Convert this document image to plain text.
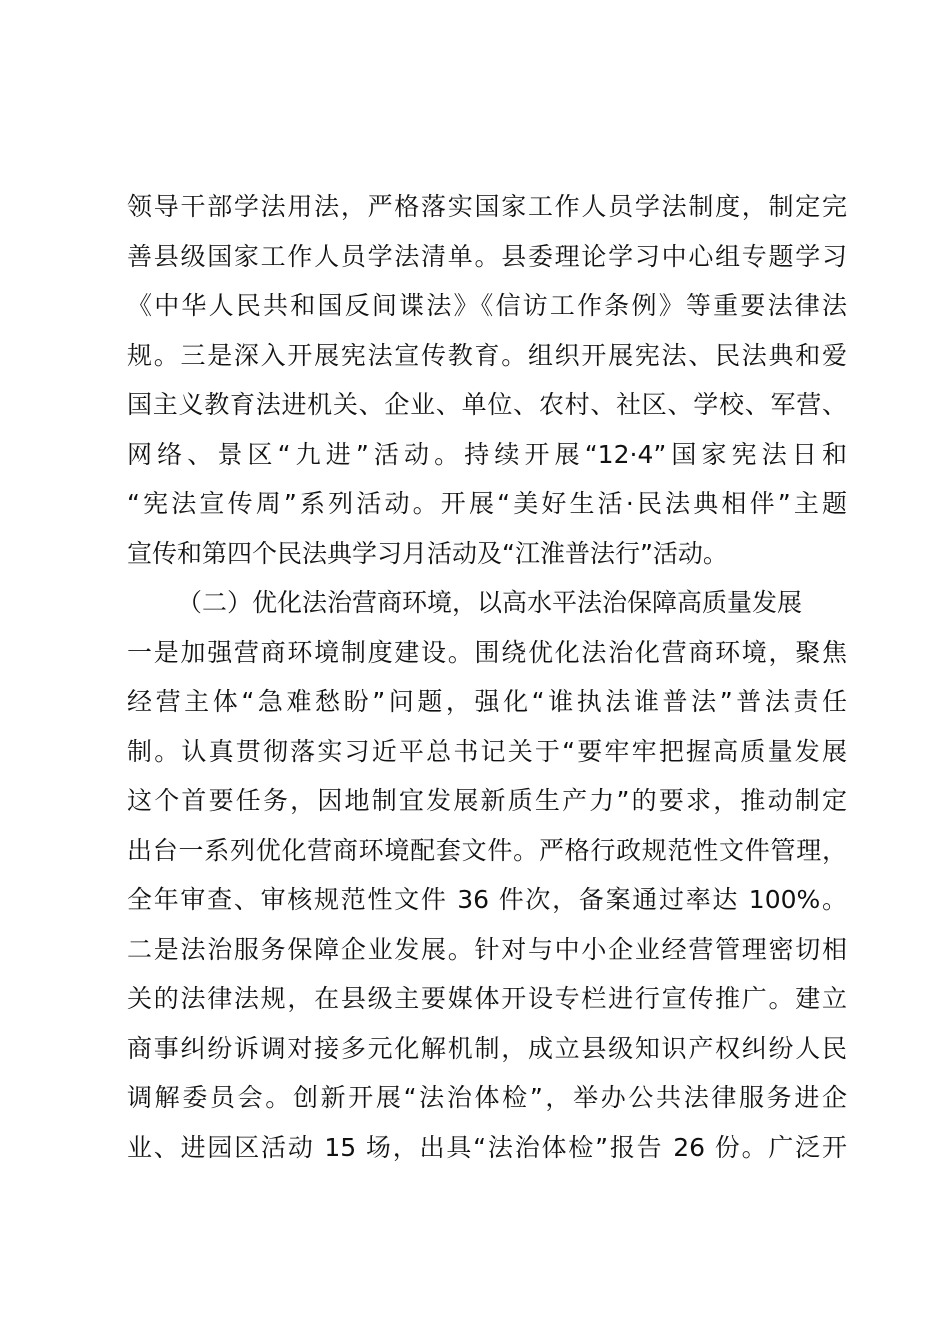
领导干部学法用法，严格落实国家工作人员学法制度，制定完
善县级国家工作人员学法清单。县委理论学习中心组专题学习
《中华人民共和国反间谍法》《信访工作条例》等重要法律法
规。三是深入开展宪法宣传教育。组织开展宪法、民法典和爱
国主义教育法进机关、企业、单位、农村、社区、学校、军营、
网络、景区“九进”活动。持续开展“12·4”国家宪法日和
“宪法宣传周”系列活动。开展“美好生活·民法典相伴”主题
宣传和第四个民法典学习月活动及“江淮普法行”活动。
（二）优化法治营商环境，以高水平法治保障高质量发展
一是加强营商环境制度建设。围绕优化法治化营商环境，聚焦
经营主体“急难愁盼”问题，强化“谁执法谁普法”普法责任
制。认真贯彻落实习近平总书记关于“要牢牢把握高质量发展
这个首要任务，因地制宜发展新质生产力”的要求，推动制定
出台一系列优化营商环境配套文件。严格行政规范性文件管理，
全年审查、审核规范性文件 36 件次，备案通过率达 100%。
二是法治服务保障企业发展。针对与中小企业经营管理密切相
关的法律法规，在县级主要媒体开设专栏进行宣传推广。建立
商事纠纷诉调对接多元化解机制，成立县级知识产权纠纷人民
调解委员会。创新开展“法治体检”，举办公共法律服务进企
业、进园区活动 15 场，出具“法治体检”报告 26 份。广泛开
